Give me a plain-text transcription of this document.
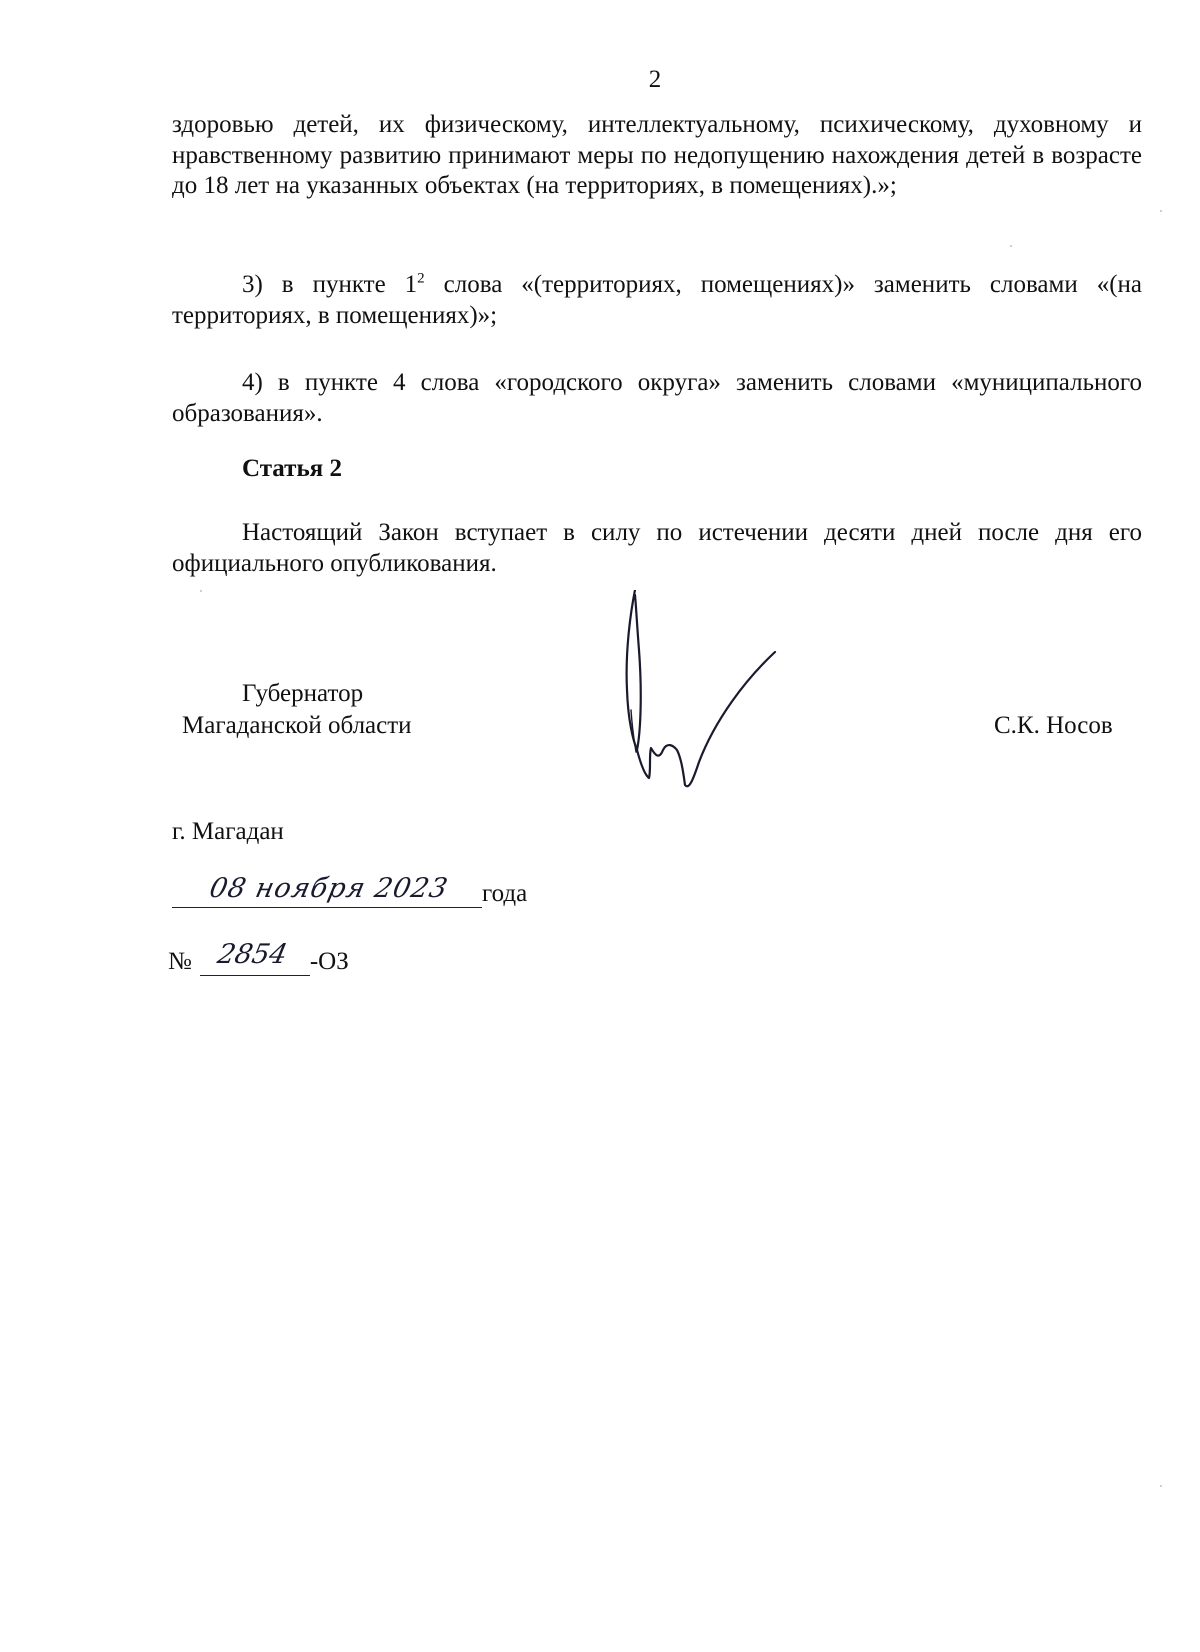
2
здоровью детей, их физическому, интеллектуальному, психическому, духовному и нравственному развитию принимают меры по недопущению нахождения детей в возрасте до 18 лет на указанных объектах (на территориях, в помещениях).»;
3) в пункте $1^2$ слова «(территориях, помещениях)» заменить словами «(на территориях, в помещениях)»;
4) в пункте 4 слова «городского округа» заменить словами «муниципального образования».
Статья 2
Настоящий Закон вступает в силу по истечении десяти дней после дня его официального опубликования.
Губернатор
Магаданской области	С.К. Носов
г. Магадан
08 ноября 2023 года
№ 2854 -ОЗ
